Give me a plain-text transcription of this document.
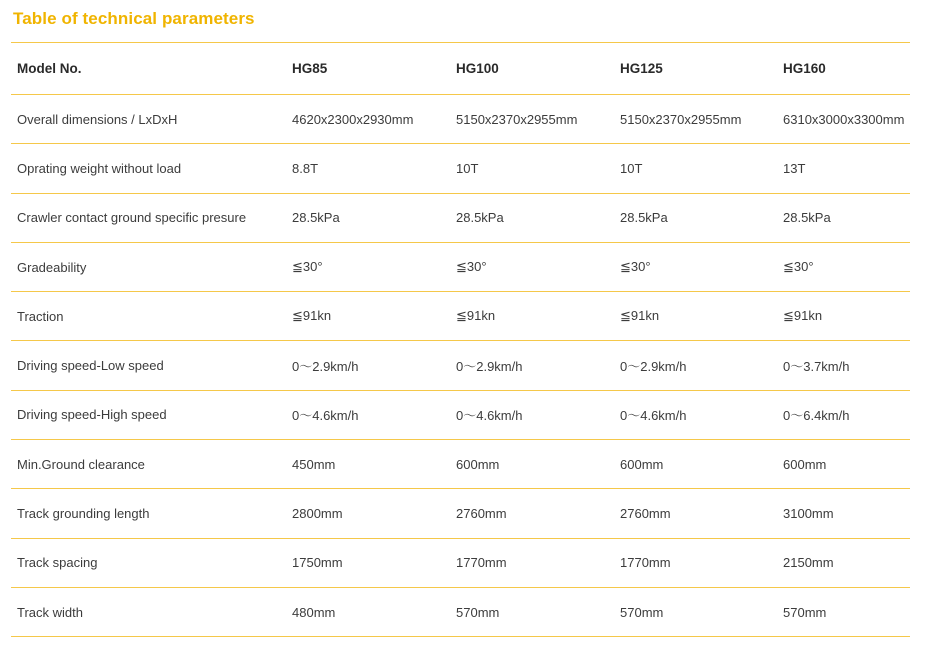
Table of technical parameters
Model No.	HG85	HG100	HG125	HG160
Overall dimensions / LxDxH	4620x2300x2930mm	5150x2370x2955mm	5150x2370x2955mm	6310x3000x3300mm
Oprating weight without load	8.8T	10T	10T	13T
Crawler contact ground specific presure	28.5kPa	28.5kPa	28.5kPa	28.5kPa
Gradeability	≦30°	≦30°	≦30°	≦30°
Traction	≦91kn	≦91kn	≦91kn	≦91kn
Driving speed-Low speed	0～2.9km/h	0～2.9km/h	0～2.9km/h	0～3.7km/h
Driving speed-High speed	0～4.6km/h	0～4.6km/h	0～4.6km/h	0～6.4km/h
Min.Ground clearance	450mm	600mm	600mm	600mm
Track grounding length	2800mm	2760mm	2760mm	3100mm
Track spacing	1750mm	1770mm	1770mm	2150mm
Track width	480mm	570mm	570mm	570mm
